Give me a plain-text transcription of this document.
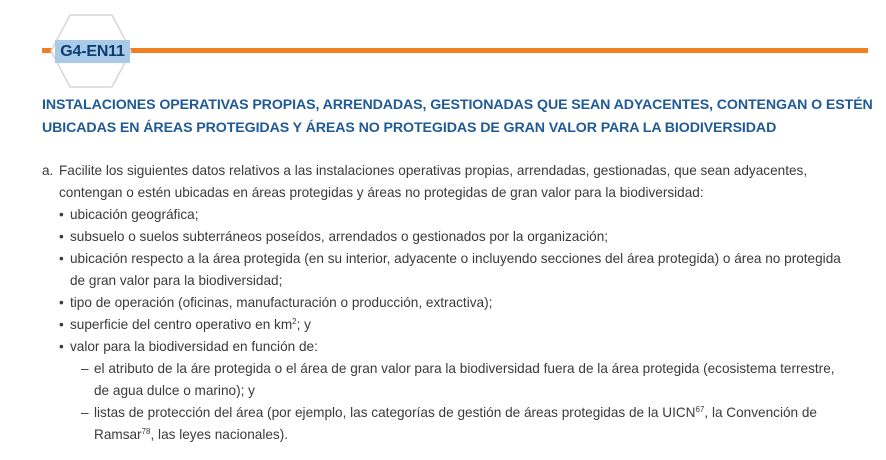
G4-EN11
INSTALACIONES OPERATIVAS PROPIAS, ARRENDADAS, GESTIONADAS QUE SEAN ADYACENTES, CONTENGAN O ESTÉN
UBICADAS EN ÁREAS PROTEGIDAS Y ÁREAS NO PROTEGIDAS DE GRAN VALOR PARA LA BIODIVERSIDAD
a. Facilite los siguientes datos relativos a las instalaciones operativas propias, arrendadas, gestionadas, que sean adyacentes,
contengan o estén ubicadas en áreas protegidas y áreas no protegidas de gran valor para la biodiversidad:
• ubicación geográfica;
• subsuelo o suelos subterráneos poseídos, arrendados o gestionados por la organización;
• ubicación respecto a la área protegida (en su interior, adyacente o incluyendo secciones del área protegida) o área no protegida
de gran valor para la biodiversidad;
• tipo de operación (oficinas, manufacturación o producción, extractiva);
• superficie del centro operativo en $km^2$; y
• valor para la biodiversidad en función de:
– el atributo de la áre protegida o el área de gran valor para la biodiversidad fuera de la área protegida (ecosistema terrestre,
de agua dulce o marino); y
– listas de protección del área (por ejemplo, las categorías de gestión de áreas protegidas de la UICN$^{67}$, la Convención de
Ramsar$^{78}$, las leyes nacionales).
